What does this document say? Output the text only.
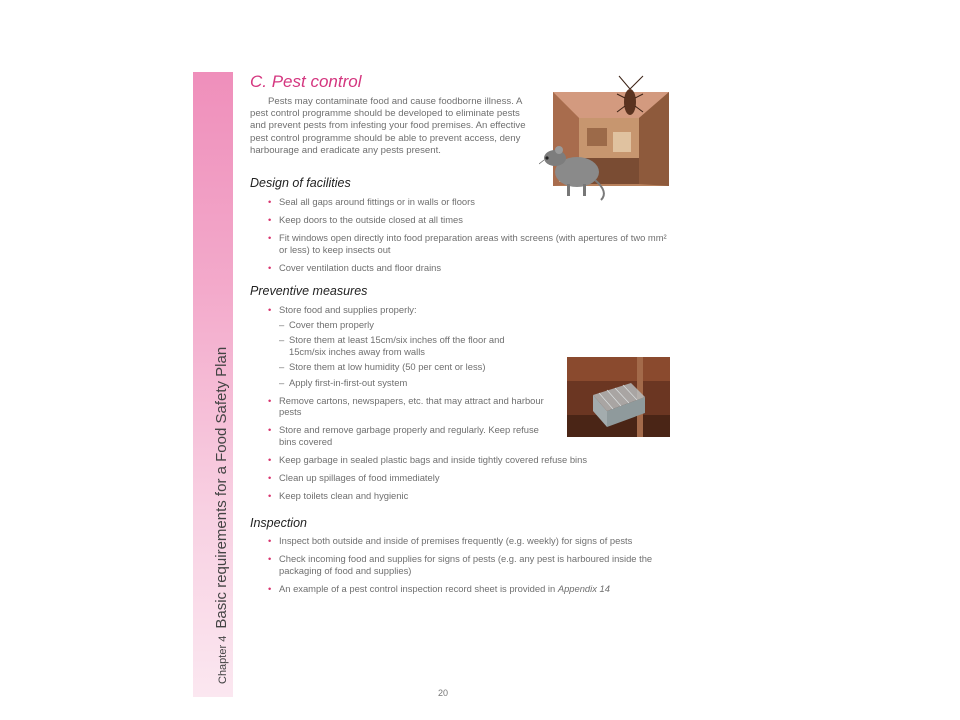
Chapter 4 Basic requirements for a Food Safety Plan
C. Pest control

Pests may contaminate food and cause foodborne illness. A pest control programme should be developed to eliminate pests and prevent pests from infesting your food premises. An effective pest control programme should be able to prevent access, deny harbourage and eradicate any pests present.

Design of facilities
• Seal all gaps around fittings or in walls or floors
• Keep doors to the outside closed at all times
• Fit windows open directly into food preparation areas with screens (with apertures of two mm² or less) to keep insects out
• Cover ventilation ducts and floor drains
Preventive measures
• Store food and supplies properly:
– Cover them properly
– Store them at least 15cm/six inches off the floor and 15cm/six inches away from walls
– Store them at low humidity (50 per cent or less)
– Apply first-in-first-out system
• Remove cartons, newspapers, etc. that may attract and harbour pests
• Store and remove garbage properly and regularly. Keep refuse bins covered
• Keep garbage in sealed plastic bags and inside tightly covered refuse bins
• Clean up spillages of food immediately
• Keep toilets clean and hygienic
Inspection
• Inspect both outside and inside of premises frequently (e.g. weekly) for signs of pests
• Check incoming food and supplies for signs of pests (e.g. any pest is harboured inside the packaging of food and supplies)
• An example of a pest control inspection record sheet is provided in Appendix 14
20
